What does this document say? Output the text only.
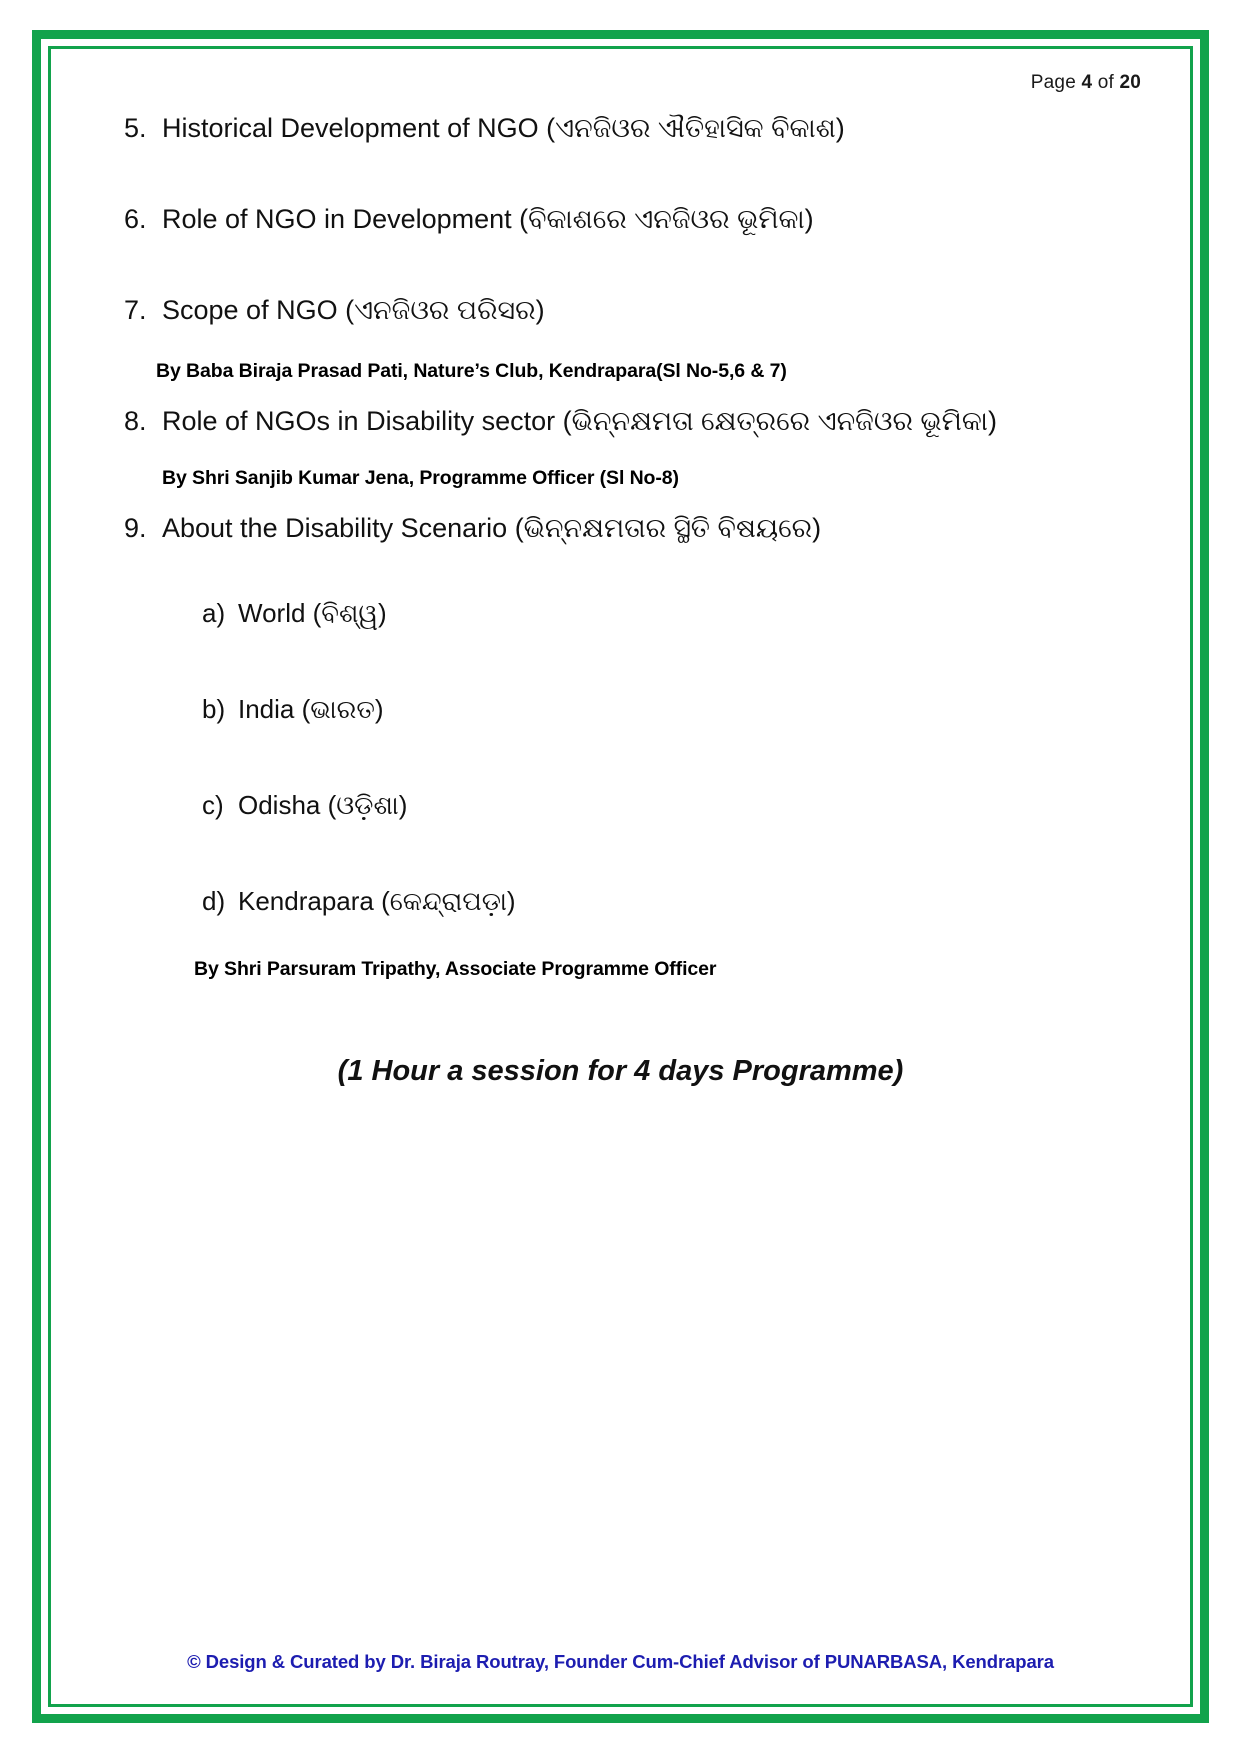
Page 4 of 20
5. Historical Development of NGO (ଏନଜିଓର ଐତିହାସିକ ବିକାଶ)
6. Role of NGO in Development (ବିକାଶରେ ଏନଜିଓର ଭୂମିକା)
7. Scope of NGO (ଏନଜିଓର ପରିସର)
By Baba Biraja Prasad Pati, Nature’s Club, Kendrapara(Sl No-5,6 & 7)
8. Role of NGOs in Disability sector (ଭିନ୍ନକ୍ଷମତା କ୍ଷେତ୍ରରେ ଏନଜିଓର ଭୂମିକା)
By Shri Sanjib Kumar Jena, Programme Officer (Sl No-8)
9. About the Disability Scenario (ଭିନ୍ନକ୍ଷମତାର ସ୍ଥିତି ବିଷୟରେ)
a) World (ବିଶ୍ୱ)
b) India (ଭାରତ)
c) Odisha (ଓଡ଼ିଶା)
d) Kendrapara (କେନ୍ଦ୍ରାପଡ଼ା)
By Shri Parsuram Tripathy, Associate Programme Officer
(1 Hour a session for 4 days Programme)
© Design & Curated by Dr. Biraja Routray, Founder Cum-Chief Advisor of PUNARBASA, Kendrapara
